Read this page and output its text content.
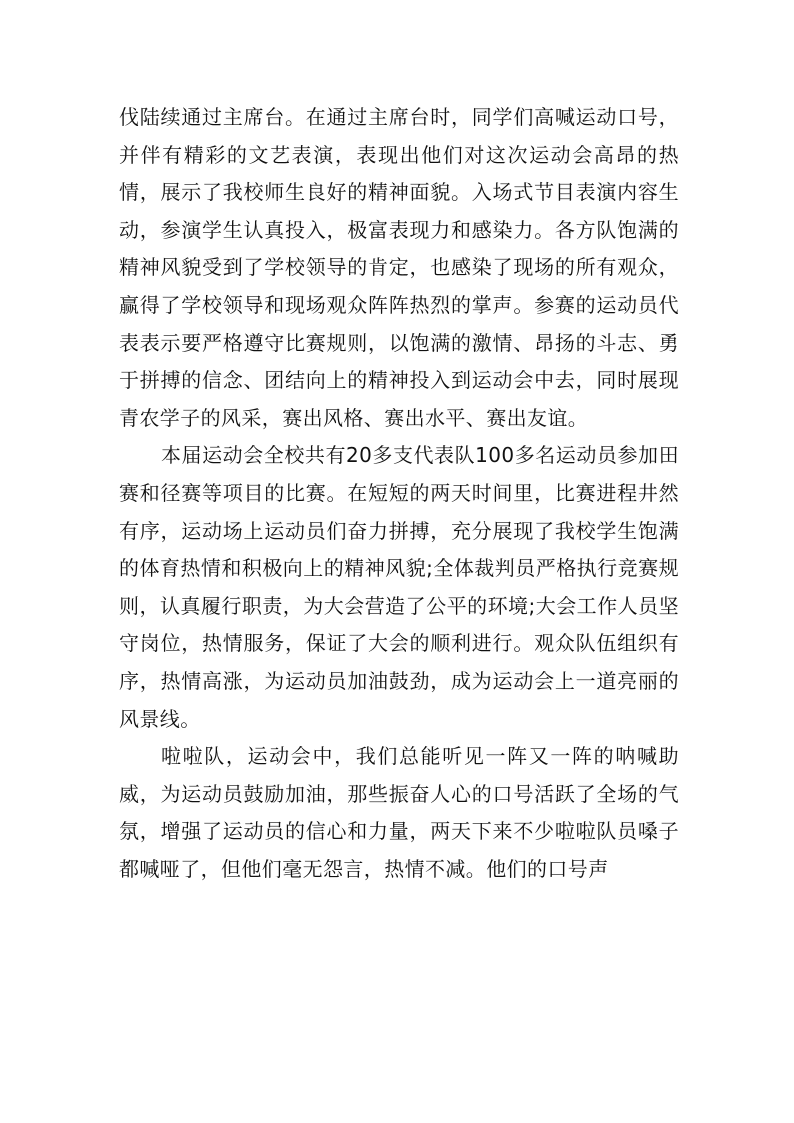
伐陆续通过主席台。在通过主席台时，同学们高喊运动口号，并伴有精彩的文艺表演，表现出他们对这次运动会高昂的热情，展示了我校师生良好的精神面貌。入场式节目表演内容生动，参演学生认真投入，极富表现力和感染力。各方队饱满的精神风貌受到了学校领导的肯定，也感染了现场的所有观众，赢得了学校领导和现场观众阵阵热烈的掌声。参赛的运动员代表表示要严格遵守比赛规则，以饱满的激情、昂扬的斗志、勇于拼搏的信念、团结向上的精神投入到运动会中去，同时展现青农学子的风采，赛出风格、赛出水平、赛出友谊。

本届运动会全校共有20多支代表队100多名运动员参加田赛和径赛等项目的比赛。在短短的两天时间里，比赛进程井然有序，运动场上运动员们奋力拼搏，充分展现了我校学生饱满的体育热情和积极向上的精神风貌;全体裁判员严格执行竞赛规则，认真履行职责，为大会营造了公平的环境;大会工作人员坚守岗位，热情服务，保证了大会的顺利进行。观众队伍组织有序，热情高涨，为运动员加油鼓劲，成为运动会上一道亮丽的风景线。

啦啦队，运动会中，我们总能听见一阵又一阵的呐喊助威，为运动员鼓励加油，那些振奋人心的口号活跃了全场的气氛，增强了运动员的信心和力量，两天下来不少啦啦队员嗓子都喊哑了，但他们毫无怨言，热情不减。他们的口号声
